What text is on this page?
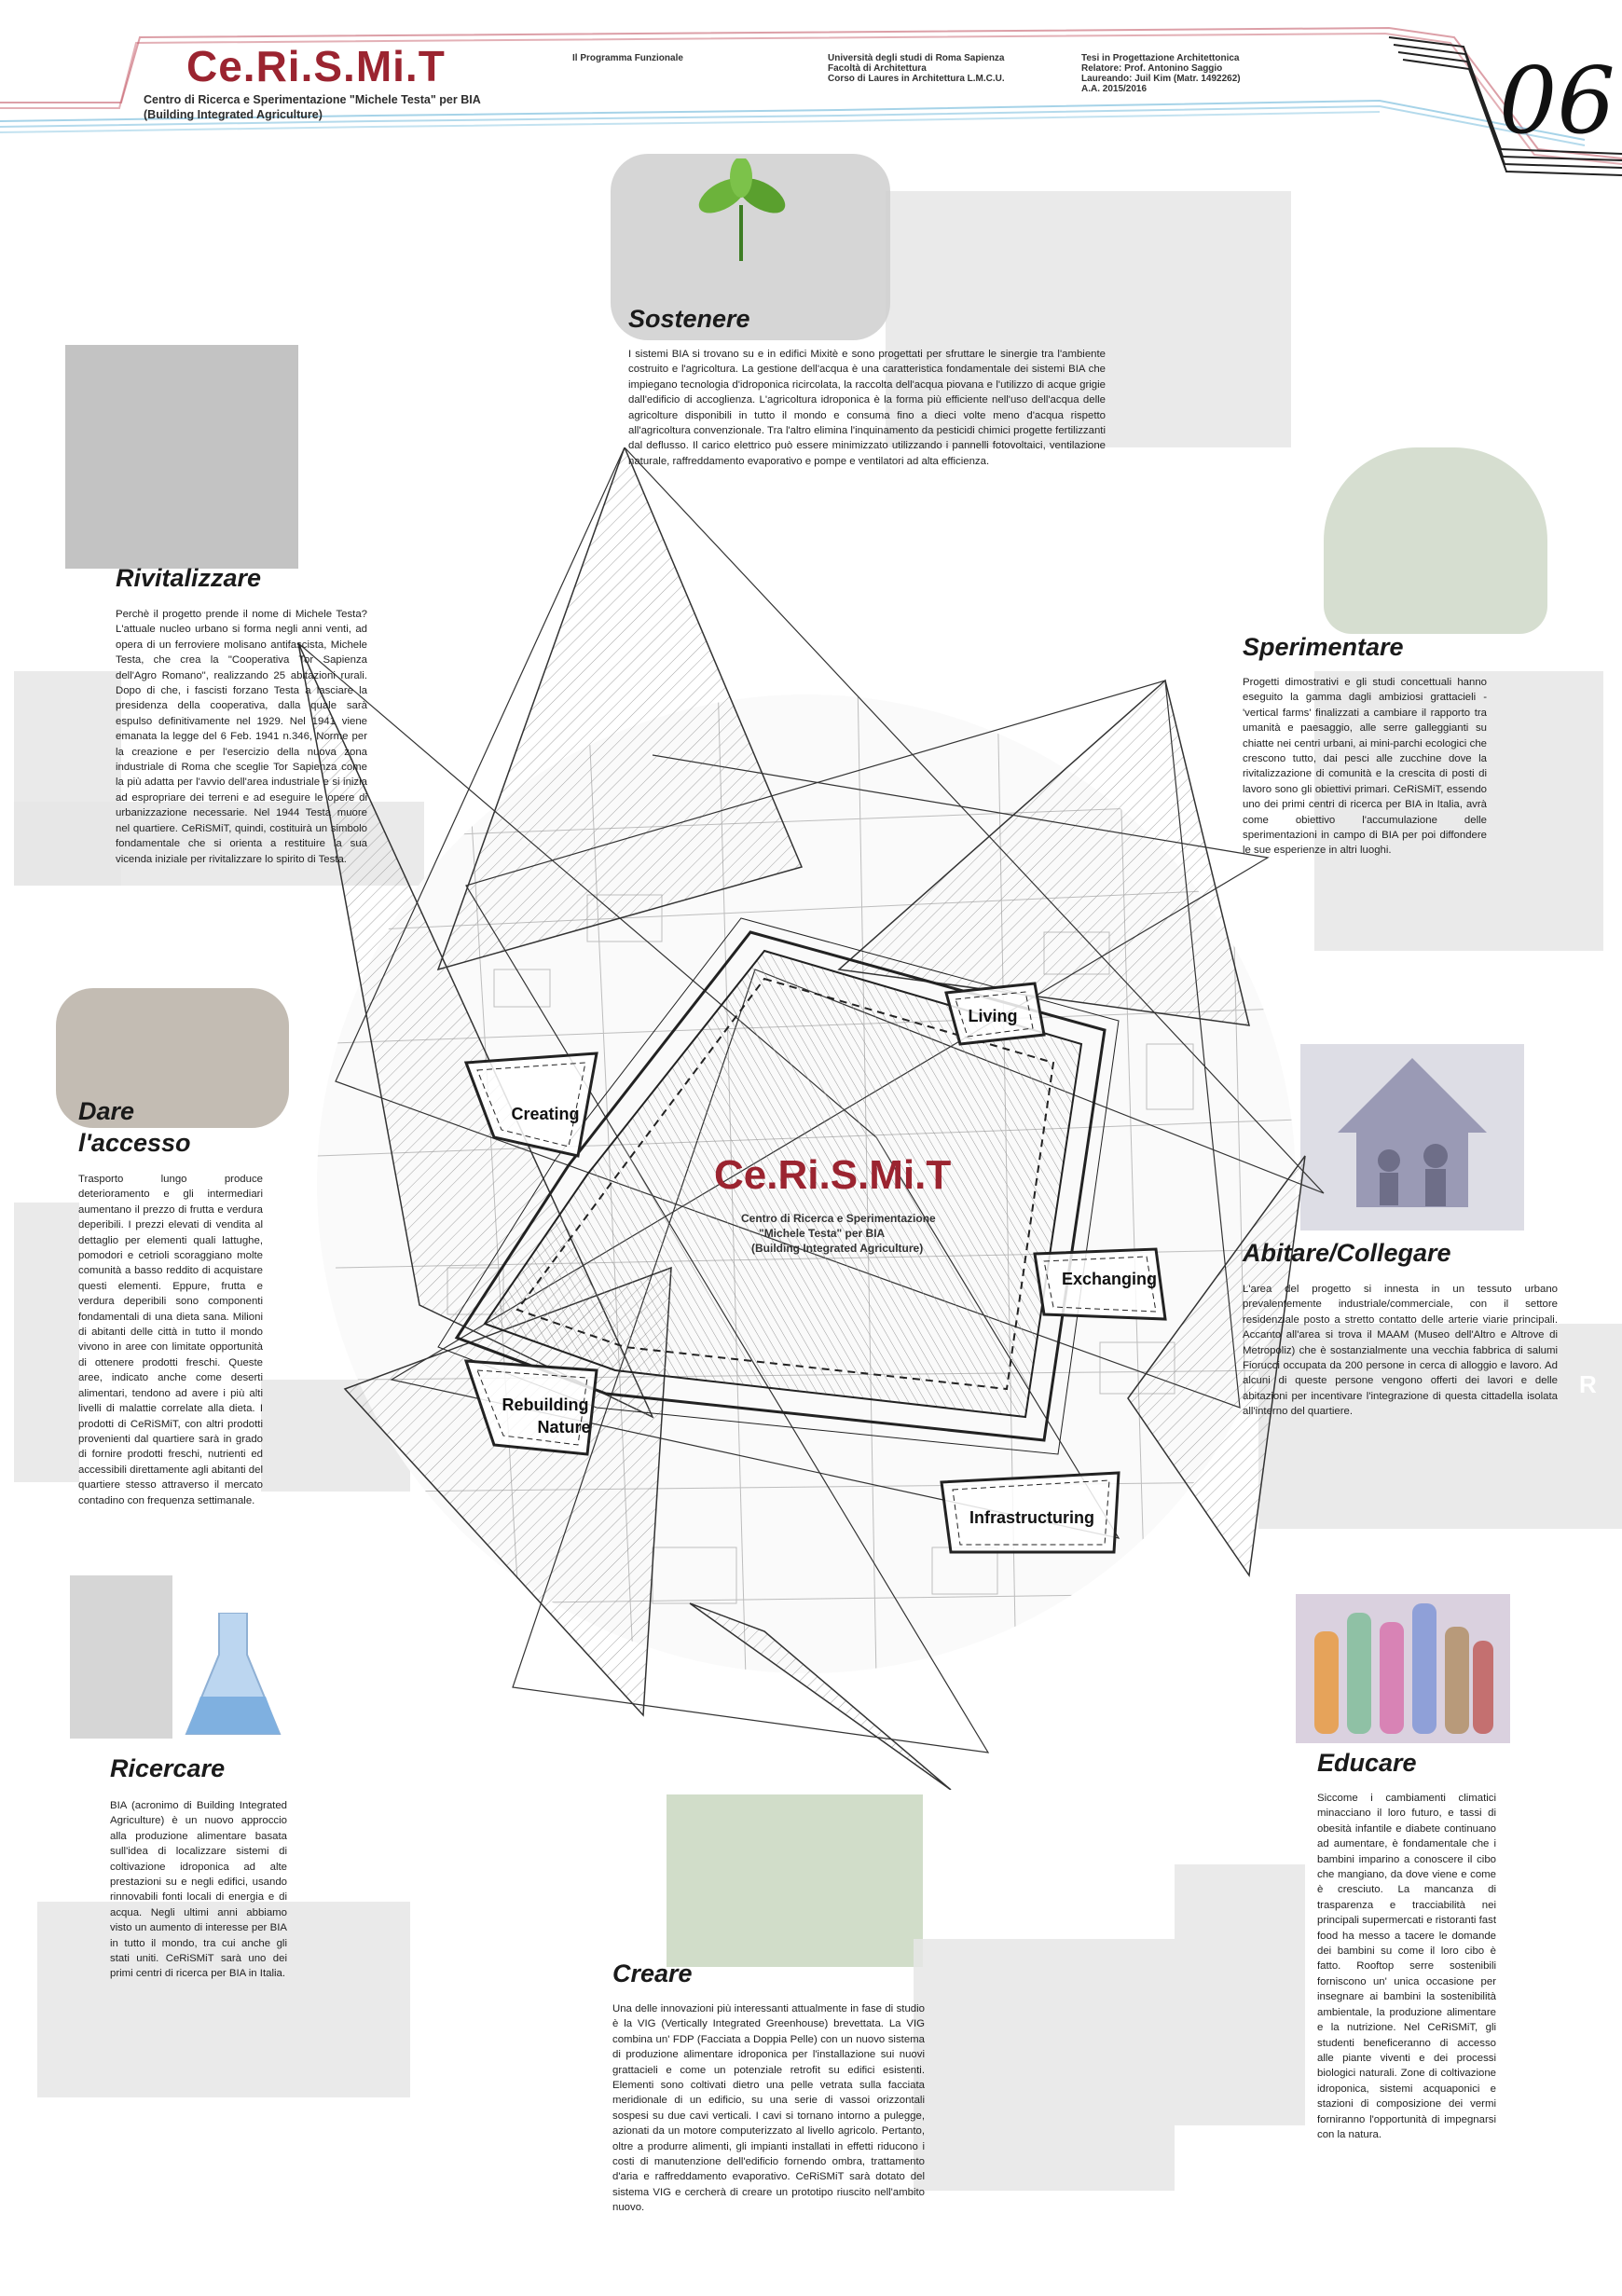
Ce.Ri.S.Mi.T
Centro di Ricerca e Sperimentazione "Michele Testa" per BIA
(Building Integrated Agriculture)
Il Programma Funzionale	Università degli studi di Roma Sapienza
Facoltà di Architettura
Corso di Laures in Architettura L.M.C.U.
Tesi in Progettazione Architettonica
Relatore: Prof. Antonino Saggio
Laureando: Juil Kim (Matr. 1492262)
A.A. 2015/2016	06
R
Ce.Ri.S.Mi.T
Centro di Ricerca e Sperimentazione
"Michele Testa" per BIA
(Building Integrated Agriculture)
Living
Creating
Exchanging
Rebuilding
Nature
Infrastructuring
Sostenere
I sistemi BIA si trovano su e in edifici Mixitè e sono progettati per sfruttare le sinergie tra l'ambiente costruito e l'agricoltura. La gestione dell'acqua è una caratteristica fondamentale dei sistemi BIA che impiegano tecnologia d'idroponica ricircolata, la raccolta dell'acqua piovana e l'utilizzo di acque grigie dall'edificio di accoglienza. L'agricoltura idroponica è la forma più efficiente nell'uso dell'acqua delle agricolture disponibili in tutto il mondo e consuma fino a dieci volte meno d'acqua rispetto all'agricoltura convenzionale. Tra l'altro elimina l'inquinamento da pesticidi chimici progette fertilizzanti dal deflusso. Il carico elettrico può essere minimizzato utilizzando i pannelli fotovoltaici, ventilazione naturale, raffreddamento evaporativo e pompe e ventilatori ad alta efficienza.
Rivitalizzare
Perchè il progetto prende il nome di Michele Testa? L'attuale nucleo urbano si forma negli anni venti, ad opera di un ferroviere molisano antifascista, Michele Testa, che crea la "Cooperativa Tor Sapienza dell'Agro Romano", realizzando 25 abitazioni rurali. Dopo di che, i fascisti forzano Testa a lasciare la presidenza della cooperativa, dalla quale sarà espulso definitivamente nel 1929. Nel 1941 viene emanata la legge del 6 Feb. 1941 n.346, Norme per la creazione e per l'esercizio della nuova zona industriale di Roma che sceglie Tor Sapienza come la più adatta per l'avvio dell'area industriale e si inizia ad espropriare dei terreni e ad eseguire le opere di urbanizzazione necessarie. Nel 1944 Testa muore nel quartiere. CeRiSMiT, quindi, costituirà un simbolo fondamentale che si orienta a restituire la sua vicenda iniziale per rivitalizzare lo spirito di Testa.
Sperimentare
Progetti dimostrativi e gli studi concettuali hanno eseguito la gamma dagli ambiziosi grattacieli - 'vertical farms' finalizzati a cambiare il rapporto tra umanità e paesaggio, alle serre galleggianti su chiatte nei centri urbani, ai mini-parchi ecologici che crescono tutto, dai pesci alle zucchine dove la rivitalizzazione di comunità e la crescita di posti di lavoro sono gli obiettivi primari. CeRiSMiT, essendo uno dei primi centri di ricerca per BIA in Italia, avrà come obiettivo l'accumulazione delle sperimentazioni in campo di BIA per poi diffondere le sue esperienze in altri luoghi.
Dare
l'accesso
Trasporto lungo produce deterioramento e gli intermediari aumentano il prezzo di frutta e verdura deperibili. I prezzi elevati di vendita al dettaglio per elementi quali lattughe, pomodori e cetrioli scoraggiano molte comunità a basso reddito di acquistare questi elementi. Eppure, frutta e verdura deperibili sono componenti fondamentali di una dieta sana. Milioni di abitanti delle città in tutto il mondo vivono in aree con limitate opportunità di ottenere prodotti freschi. Queste aree, indicato anche come deserti alimentari, tendono ad avere i più alti livelli di malattie correlate alla dieta. I prodotti di CeRiSMiT, con altri prodotti provenienti dal quartiere sarà in grado di fornire prodotti freschi, nutrienti ed accessibili direttamente agli abitanti del quartiere stesso attraverso il mercato contadino con frequenza settimanale.
Abitare/Collegare
L'area del progetto si innesta in un tessuto urbano prevalentemente industriale/commerciale, con il settore residenziale posto a stretto contatto delle arterie viarie principali. Accanto all'area si trova il MAAM (Museo dell'Altro e Altrove di Metropoliz) che è sostanzialmente una vecchia fabbrica di salumi Fiorucci occupata da 200 persone in cerca di alloggio e lavoro. Ad alcuni di queste persone vengono offerti dei lavori e delle abitazioni per incentivare l'integrazione di questa cittadella isolata all'interno del quartiere.
Ricercare
BIA (acronimo di Building Integrated Agriculture) è un nuovo approccio alla produzione alimentare basata sull'idea di localizzare sistemi di coltivazione idroponica ad alte prestazioni su e negli edifici, usando rinnovabili fonti locali di energia e di acqua. Negli ultimi anni abbiamo visto un aumento di interesse per BIA in tutto il mondo, tra cui anche gli stati uniti. CeRiSMiT sarà uno dei primi centri di ricerca per BIA in Italia.
Educare
Siccome i cambiamenti climatici minacciano il loro futuro, e tassi di obesità infantile e diabete continuano ad aumentare, è fondamentale che i bambini imparino a conoscere il cibo che mangiano, da dove viene e come è cresciuto. La mancanza di trasparenza e tracciabilità nei principali supermercati e ristoranti fast food ha messo a tacere le domande dei bambini su come il loro cibo è fatto. Rooftop serre sostenibili forniscono un' unica occasione per insegnare ai bambini la sostenibilità ambientale, la produzione alimentare e la nutrizione. Nel CeRiSMiT, gli studenti beneficeranno di accesso alle piante viventi e dei processi biologici naturali. Zone di coltivazione idroponica, sistemi acquaponici e stazioni di composizione dei vermi forniranno l'opportunità di impegnarsi con la natura.
Creare
Una delle innovazioni più interessanti attualmente in fase di studio è la VIG (Vertically Integrated Greenhouse) brevettata. La VIG combina un' FDP (Facciata a Doppia Pelle) con un nuovo sistema di produzione alimentare idroponica per l'installazione sui nuovi grattacieli e come un potenziale retrofit su edifici esistenti. Elementi sono coltivati dietro una pelle vetrata sulla facciata meridionale di un edificio, su una serie di vassoi orizzontali sospesi su due cavi verticali. I cavi si tornano intorno a pulegge, azionati da un motore computerizzato al livello agricolo. Pertanto, oltre a produrre alimenti, gli impianti installati in effetti riducono i costi di manutenzione dell'edificio fornendo ombra, trattamento d'aria e raffreddamento evaporativo. CeRiSMiT sarà dotato del sistema VIG e cercherà di creare un prototipo riuscito nell'ambito nuovo.
